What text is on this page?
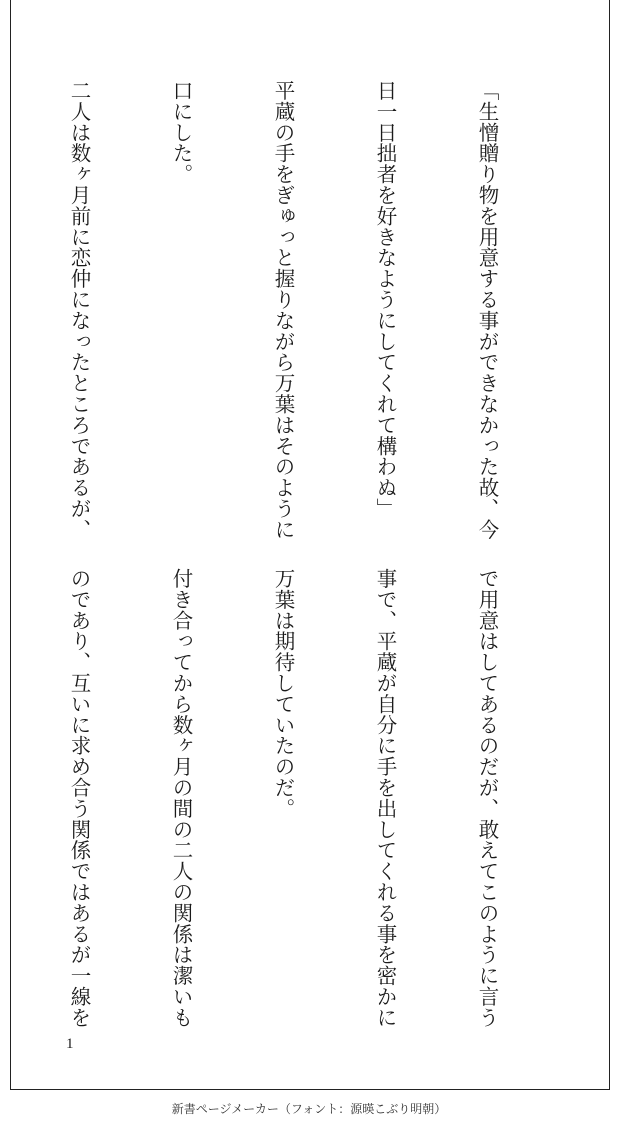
「生憎贈り物を用意する事ができなかった故、今

日一日拙者を好きなようにしてくれて構わぬ」

平蔵の手をぎゅっと握りながら万葉はそのように

口にした。

二人は数ヶ月前に恋仲になったところであるが、

で用意はしてあるのだが、敢えてこのように言う

事で、平蔵が自分に手を出してくれる事を密かに

万葉は期待していたのだ。

付き合ってから数ヶ月の間の二人の関係は潔いも

のであり、互いに求め合う関係ではあるが一線を

1
新書ページメーカー（フォント：源暎こぶり明朝）
